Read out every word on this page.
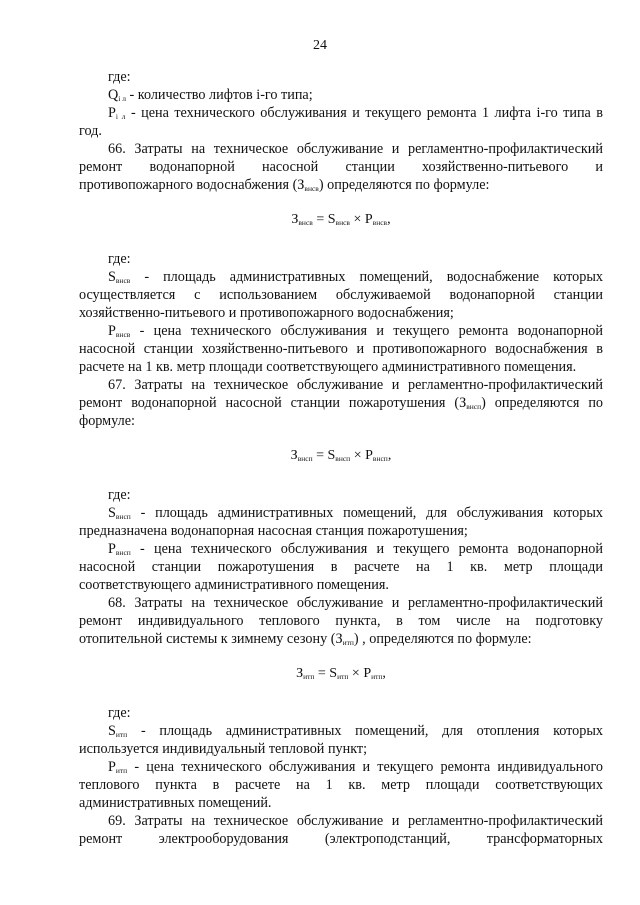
24

где:

$Q_{i л}$ - количество лифтов i-го типа;

$P_{i л}$ - цена технического обслуживания и текущего ремонта 1 лифта i-го типа в

год.

66. Затраты на техническое обслуживание и регламентно-профилактический

ремонт водонапорной насосной станции хозяйственно-питьевого и

противопожарного водоснабжения $(З_{внсв})$ определяются по формуле:

$З_{внсв} = S_{внсв} \times P_{внсв}$,

где:

$S_{внсв}$ - площадь административных помещений, водоснабжение которых

осуществляется с использованием обслуживаемой водонапорной станции

хозяйственно-питьевого и противопожарного водоснабжения;

$P_{внсв}$ - цена технического обслуживания и текущего ремонта водонапорной

насосной станции хозяйственно-питьевого и противопожарного водоснабжения в

расчете на 1 кв. метр площади соответствующего административного помещения.

67. Затраты на техническое обслуживание и регламентно-профилактический

ремонт водонапорной насосной станции пожаротушения $(З_{внсп})$ определяются по

формуле:

$З_{внсп} = S_{внсп} \times P_{внсп}$,

где:

$S_{внсп}$ - площадь административных помещений, для обслуживания которых

предназначена водонапорная насосная станция пожаротушения;

$P_{внсп}$ - цена технического обслуживания и текущего ремонта водонапорной

насосной станции пожаротушения в расчете на 1 кв. метр площади

соответствующего административного помещения.

68. Затраты на техническое обслуживание и регламентно-профилактический

ремонт индивидуального теплового пункта, в том числе на подготовку

отопительной системы к зимнему сезону $(З_{итп})$ , определяются по формуле:

$З_{итп} = S_{итп} \times P_{итп}$,

где:

$S_{итп}$ - площадь административных помещений, для отопления которых

используется индивидуальный тепловой пункт;

$P_{итп}$ - цена технического обслуживания и текущего ремонта индивидуального

теплового пункта в расчете на 1 кв. метр площади соответствующих

административных помещений.

69. Затраты на техническое обслуживание и регламентно-профилактический

ремонт электрооборудования (электроподстанций, трансформаторных
